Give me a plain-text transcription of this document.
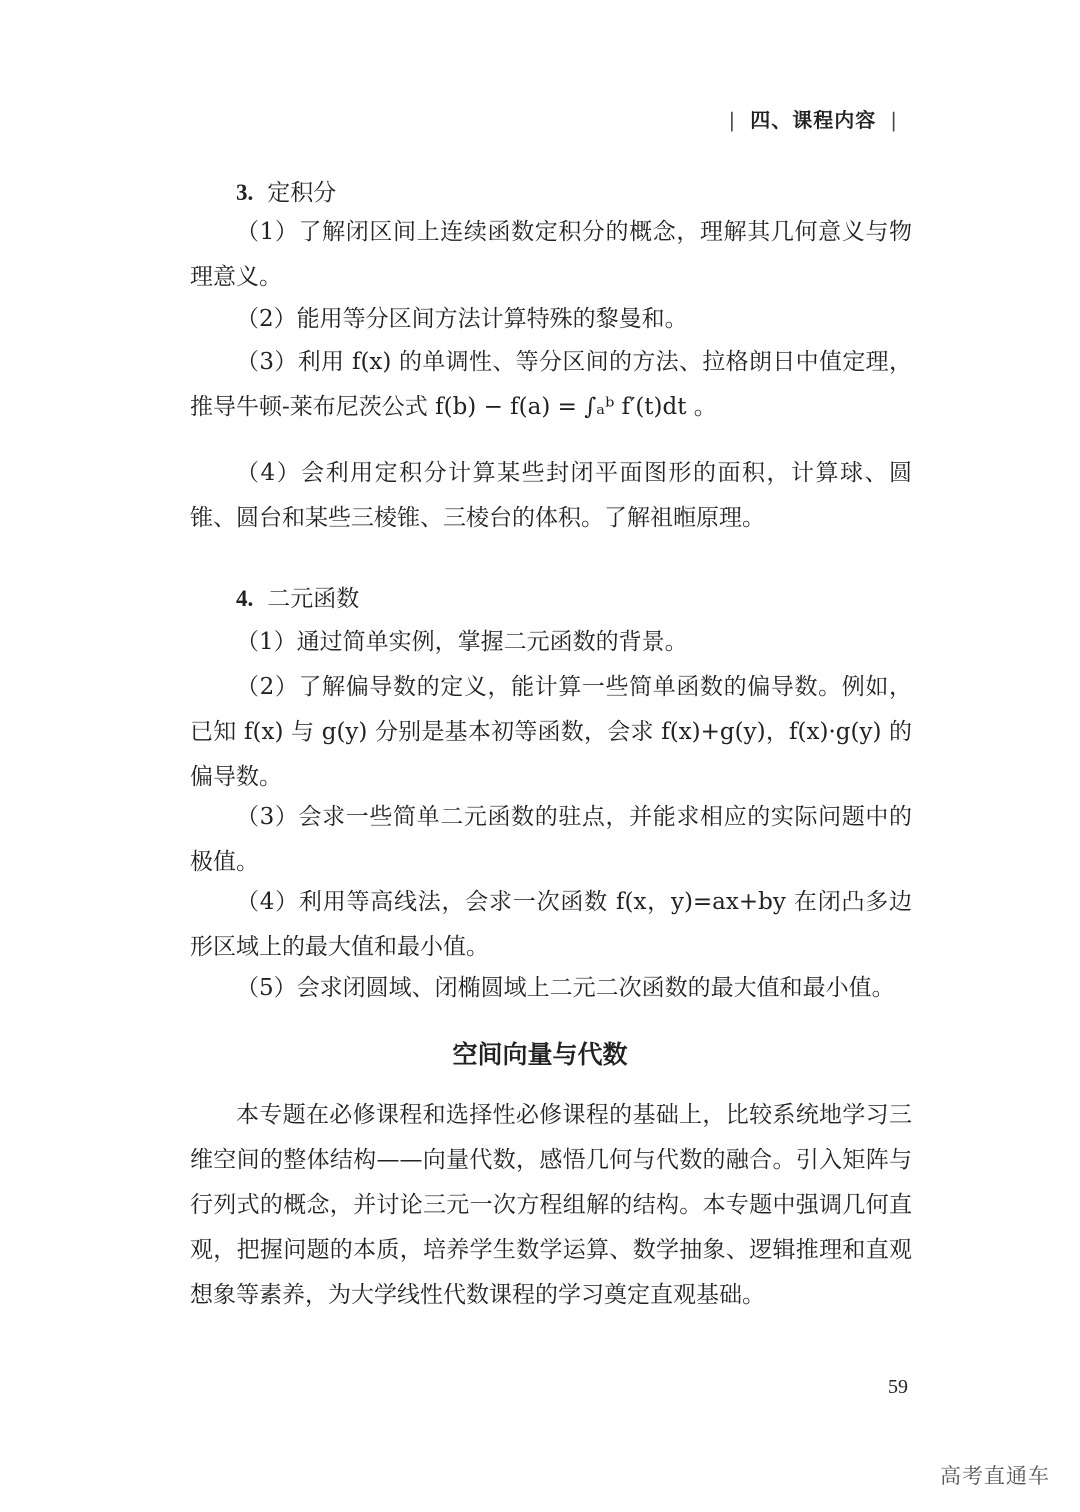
| 四、课程内容 |
3. 定积分
（1）了解闭区间上连续函数定积分的概念，理解其几何意义与物理意义。
（2）能用等分区间方法计算特殊的黎曼和。
（3）利用 f(x) 的单调性、等分区间的方法、拉格朗日中值定理，推导牛顿-莱布尼茨公式 f(b) − f(a) = ∫ₐᵇ f′(t)dt 。
（4）会利用定积分计算某些封闭平面图形的面积，计算球、圆锥、圆台和某些三棱锥、三棱台的体积。了解祖暅原理。
4. 二元函数
（1）通过简单实例，掌握二元函数的背景。
（2）了解偏导数的定义，能计算一些简单函数的偏导数。例如，已知 f(x) 与 g(y) 分别是基本初等函数，会求 f(x)+g(y)，f(x)·g(y) 的偏导数。
（3）会求一些简单二元函数的驻点，并能求相应的实际问题中的极值。
（4）利用等高线法，会求一次函数 f(x，y)=ax+by 在闭凸多边形区域上的最大值和最小值。
（5）会求闭圆域、闭椭圆域上二元二次函数的最大值和最小值。
空间向量与代数
本专题在必修课程和选择性必修课程的基础上，比较系统地学习三维空间的整体结构——向量代数，感悟几何与代数的融合。引入矩阵与行列式的概念，并讨论三元一次方程组解的结构。本专题中强调几何直观，把握问题的本质，培养学生数学运算、数学抽象、逻辑推理和直观想象等素养，为大学线性代数课程的学习奠定直观基础。
59
高考直通车
